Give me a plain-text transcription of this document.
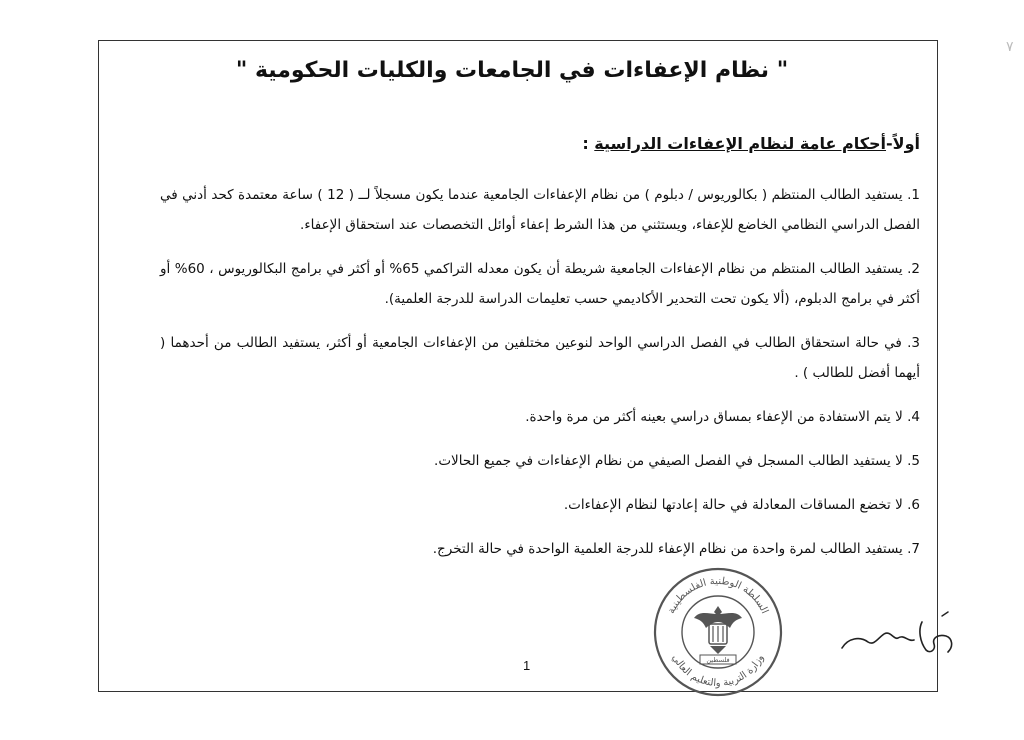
٧
" نظام الإعفاءات في الجامعات والكليات الحكومية "
أولاً-أحكام عامة لنظام الإعفاءات الدراسية :
1. يستفيد الطالب المنتظم ( بكالوريوس / دبلوم ) من نظام الإعفاءات الجامعية عندما يكون مسجلاً لــ ( 12 ) ساعة معتمدة كحد أدني في الفصل الدراسي النظامي الخاضع للإعفاء، ويستثني من هذا الشرط إعفاء أوائل التخصصات عند استحقاق الإعفاء.
2. يستفيد الطالب المنتظم من نظام الإعفاءات الجامعية شريطة أن يكون معدله التراكمي 65% أو أكثر في برامج البكالوريوس ، 60% أو أكثر في برامج الدبلوم، (ألا يكون تحت التحدير الأكاديمي حسب تعليمات الدراسة للدرجة العلمية).
3. في حالة استحقاق الطالب في الفصل الدراسي الواحد لنوعين مختلفين من الإعفاءات الجامعية أو أكثر، يستفيد الطالب من أحدهما ( أيهما أفضل للطالب ) .
4. لا يتم الاستفادة من الإعفاء بمساق دراسي بعينه أكثر من مرة واحدة.
5. لا يستفيد الطالب المسجل في الفصل الصيفي من نظام الإعفاءات في جميع الحالات.
6. لا تخضع المساقات المعادلة في حالة إعادتها لنظام الإعفاءات.
7. يستفيد الطالب لمرة واحدة من نظام الإعفاء للدرجة العلمية الواحدة في حالة التخرج.
1
السلطة الوطنية الفلسطينية
وزارة التربية والتعليم العالي
فلسطين
